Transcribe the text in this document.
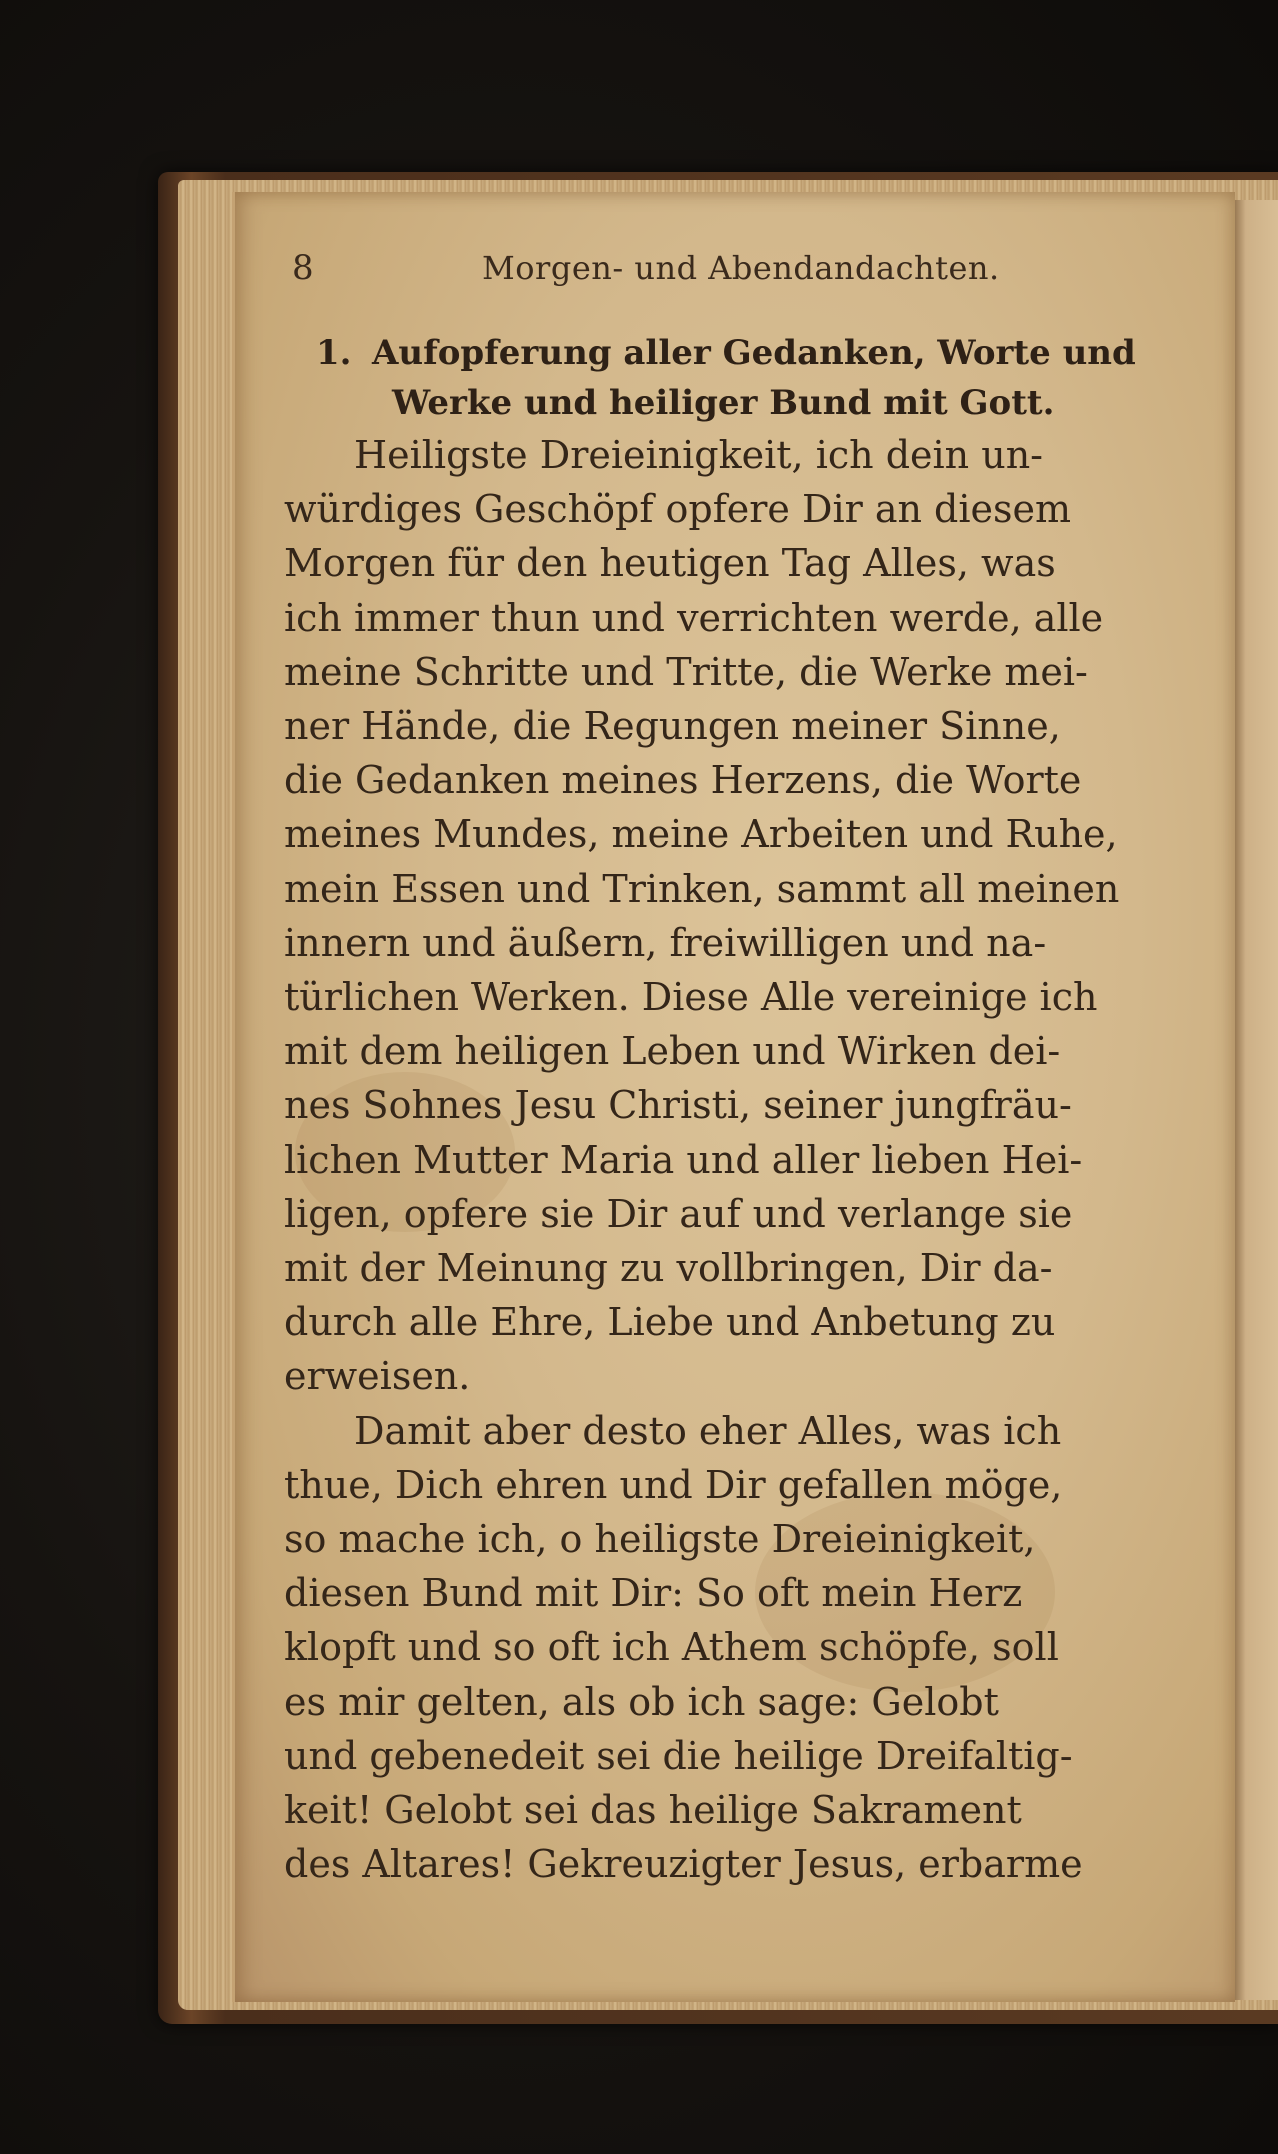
8	Morgen- und Abendandachten.
1. Aufopferung aller Gedanken, Worte und
Werke und heiliger Bund mit Gott.

Heiligste Dreieinigkeit, ich dein un-
würdiges Geschöpf opfere Dir an diesem
Morgen für den heutigen Tag Alles, was
ich immer thun und verrichten werde, alle
meine Schritte und Tritte, die Werke mei-
ner Hände, die Regungen meiner Sinne,
die Gedanken meines Herzens, die Worte
meines Mundes, meine Arbeiten und Ruhe,
mein Essen und Trinken, sammt all meinen
innern und äußern, freiwilligen und na-
türlichen Werken. Diese Alle vereinige ich
mit dem heiligen Leben und Wirken dei-
nes Sohnes Jesu Christi, seiner jungfräu-
lichen Mutter Maria und aller lieben Hei-
ligen, opfere sie Dir auf und verlange sie
mit der Meinung zu vollbringen, Dir da-
durch alle Ehre, Liebe und Anbetung zu
erweisen.

Damit aber desto eher Alles, was ich
thue, Dich ehren und Dir gefallen möge,
so mache ich, o heiligste Dreieinigkeit,
diesen Bund mit Dir: So oft mein Herz
klopft und so oft ich Athem schöpfe, soll
es mir gelten, als ob ich sage: Gelobt
und gebenedeit sei die heilige Dreifaltig-
keit! Gelobt sei das heilige Sakrament
des Altares! Gekreuzigter Jesus, erbarme
